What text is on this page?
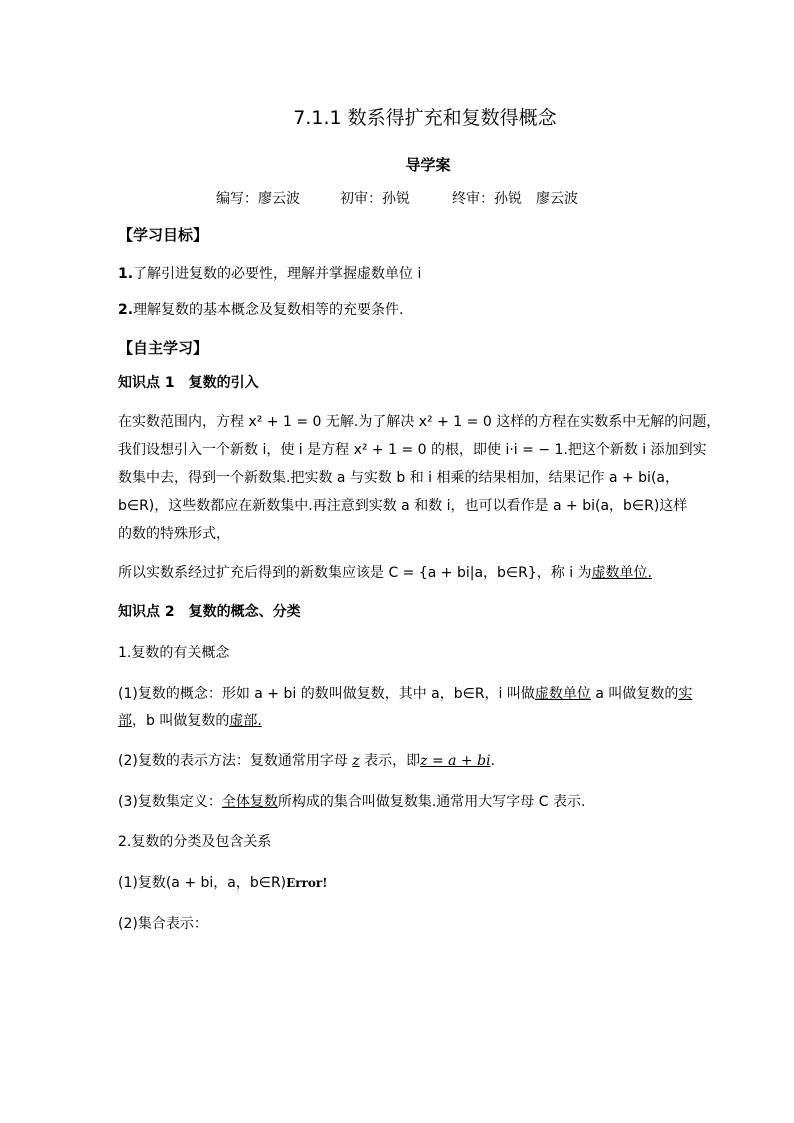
7.1.1 数系得扩充和复数得概念
导学案
编写：廖云波	初审：孙锐	终审：孙锐　廖云波
【学习目标】
1.了解引进复数的必要性，理解并掌握虚数单位 i
2.理解复数的基本概念及复数相等的充要条件.
【自主学习】
知识点 1　复数的引入
在实数范围内，方程 x² + 1 = 0 无解.为了解决 x² + 1 = 0 这样的方程在实数系中无解的问题，
我们设想引入一个新数 i，使 i 是方程 x² + 1 = 0 的根，即使 i·i = − 1.把这个新数 i 添加到实
数集中去，得到一个新数集.把实数 a 与实数 b 和 i 相乘的结果相加，结果记作 a + bi(a，
b∈R)，这些数都应在新数集中.再注意到实数 a 和数 i，也可以看作是 a + bi(a，b∈R)这样
的数的特殊形式，
所以实数系经过扩充后得到的新数集应该是 C = {a + bi|a，b∈R}，称 i 为虚数单位.
知识点 2　复数的概念、分类
1.复数的有关概念
(1)复数的概念：形如 a + bi 的数叫做复数，其中 a，b∈R，i 叫做虚数单位 a 叫做复数的实
部，b 叫做复数的虚部.
(2)复数的表示方法：复数通常用字母 z 表示，即z = a + bi.
(3)复数集定义：全体复数所构成的集合叫做复数集.通常用大写字母 C 表示.
2.复数的分类及包含关系
(1)复数(a + bi，a，b∈R)Error!
(2)集合表示：
